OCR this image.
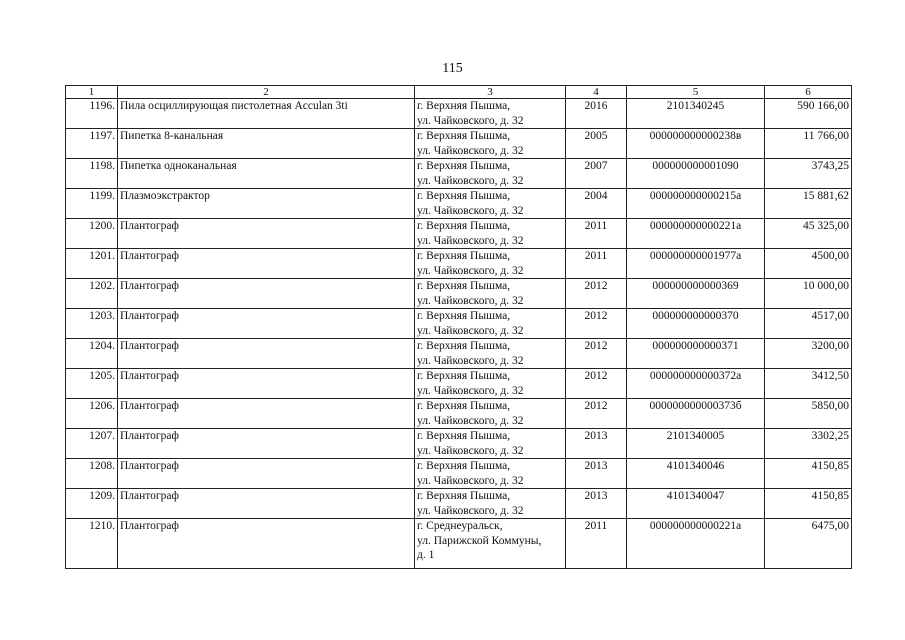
115
1	2	3	4	5	6
1196.	Пила осциллирующая пистолетная Acculan 3ti	г. Верхняя Пышма,
ул. Чайковского, д. 32	2016	2101340245	590 166,00
1197.	Пипетка 8-канальная	г. Верхняя Пышма,
ул. Чайковского, д. 32	2005	000000000000238в	11 766,00
1198.	Пипетка одноканальная	г. Верхняя Пышма,
ул. Чайковского, д. 32	2007	000000000001090	3743,25
1199.	Плазмоэкстрактор	г. Верхняя Пышма,
ул. Чайковского, д. 32	2004	000000000000215а	15 881,62
1200.	Плантограф	г. Верхняя Пышма,
ул. Чайковского, д. 32	2011	000000000000221а	45 325,00
1201.	Плантограф	г. Верхняя Пышма,
ул. Чайковского, д. 32	2011	000000000001977а	4500,00
1202.	Плантограф	г. Верхняя Пышма,
ул. Чайковского, д. 32	2012	000000000000369	10 000,00
1203.	Плантограф	г. Верхняя Пышма,
ул. Чайковского, д. 32	2012	000000000000370	4517,00
1204.	Плантограф	г. Верхняя Пышма,
ул. Чайковского, д. 32	2012	000000000000371	3200,00
1205.	Плантограф	г. Верхняя Пышма,
ул. Чайковского, д. 32	2012	000000000000372а	3412,50
1206.	Плантограф	г. Верхняя Пышма,
ул. Чайковского, д. 32	2012	000000000000373б	5850,00
1207.	Плантограф	г. Верхняя Пышма,
ул. Чайковского, д. 32	2013	2101340005	3302,25
1208.	Плантограф	г. Верхняя Пышма,
ул. Чайковского, д. 32	2013	4101340046	4150,85
1209.	Плантограф	г. Верхняя Пышма,
ул. Чайковского, д. 32	2013	4101340047	4150,85
1210.	Плантограф	г. Среднеуральск,
ул. Парижской Коммуны,
д. 1	2011	000000000000221а	6475,00
